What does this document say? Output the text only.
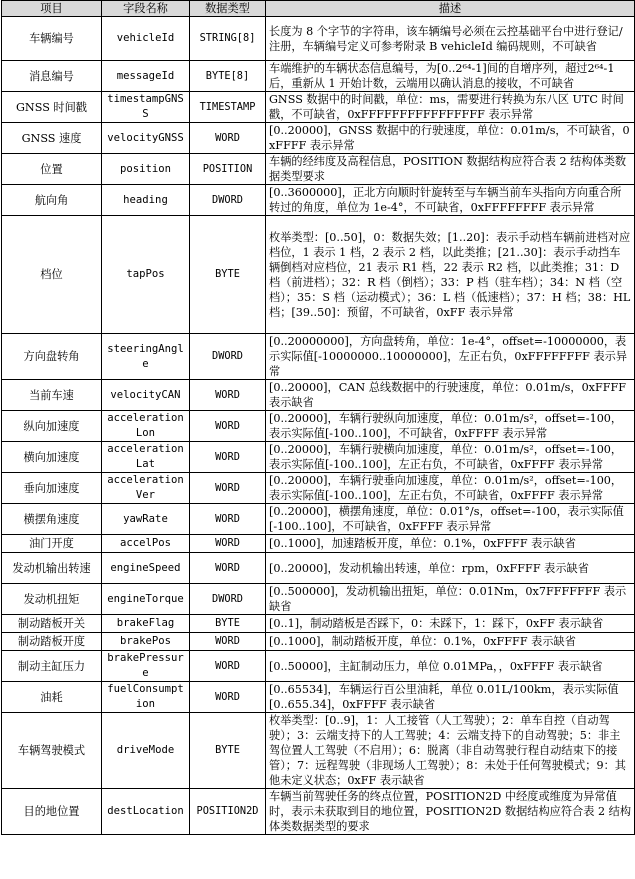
项目	字段名称	数据类型	描述
车辆编号	vehicleId	STRING[8]	长度为 8 个字节的字符串，该车辆编号必须在云控基础平台中进行登记/注册，车辆编号定义可参考附录 B vehicleId 编码规则，不可缺省
消息编号	messageId	BYTE[8]	车端维护的车辆状态信息编号，为[0..2⁶⁴-1]间的自增序列，超过2⁶⁴-1 后，重新从 1 开始计数，云端用以确认消息的接收，不可缺省
GNSS 时间戳	timestampGNSS	TIMESTAMP	GNSS 数据中的时间戳，单位：ms，需要进行转换为东八区 UTC 时间戳，不可缺省，0xFFFFFFFFFFFFFFFF 表示异常
GNSS 速度	velocityGNSS	WORD	[0..20000]，GNSS 数据中的行驶速度，单位：0.01m/s，不可缺省，0xFFFF 表示异常
位置	position	POSITION	车辆的经纬度及高程信息，POSITION 数据结构应符合表 2 结构体类数据类型要求
航向角	heading	DWORD	[0..3600000]，正北方向顺时针旋转至与车辆当前车头指向方向重合所转过的角度，单位为 1e-4°，不可缺省，0xFFFFFFFF 表示异常
档位	tapPos	BYTE	枚举类型：[0..50]，0：数据失效；[1..20]：表示手动档车辆前进档对应档位，1 表示 1 档，2 表示 2 档，以此类推；[21..30]：表示手动挡车辆倒档对应档位，21 表示 R1 档，22 表示 R2 档，以此类推；31：D 档（前进档）；32：R 档（倒档）；33：P 档（驻车档）；34：N 档（空档）；35：S 档（运动模式）；36：L 档（低速档）；37：H 档；38：HL 档；[39..50]：预留，不可缺省，0xFF 表示异常
方向盘转角	steeringAngle	DWORD	[0..20000000]，方向盘转角，单位：1e-4°，offset=-10000000，表示实际值[-10000000..10000000]，左正右负，0xFFFFFFFF 表示异常
当前车速	velocityCAN	WORD	[0..20000]，CAN 总线数据中的行驶速度，单位：0.01m/s，0xFFFF 表示缺省
纵向加速度	accelerationLon	WORD	[0..20000]，车辆行驶纵向加速度，单位：0.01m/s²，offset=-100，表示实际值[-100..100]，不可缺省，0xFFFF 表示异常
横向加速度	accelerationLat	WORD	[0..20000]，车辆行驶横向加速度，单位：0.01m/s²，offset=-100，表示实际值[-100..100]，左正右负，不可缺省，0xFFFF 表示异常
垂向加速度	accelerationVer	WORD	[0..20000]，车辆行驶垂向加速度，单位：0.01m/s²，offset=-100，表示实际值[-100..100]，左正右负，不可缺省，0xFFFF 表示异常
横摆角速度	yawRate	WORD	[0..20000]，横摆角速度，单位：0.01°/s，offset=-100，表示实际值[-100..100]，不可缺省，0xFFFF 表示异常
油门开度	accelPos	WORD	[0..1000]，加速踏板开度，单位：0.1%，0xFFFF 表示缺省
发动机输出转速	engineSpeed	WORD	[0..20000]，发动机输出转速，单位：rpm，0xFFFF 表示缺省
发动机扭矩	engineTorque	DWORD	[0..500000]，发动机输出扭矩，单位：0.01Nm，0x7FFFFFFF 表示缺省
制动踏板开关	brakeFlag	BYTE	[0..1]，制动踏板是否踩下，0：未踩下，1：踩下，0xFF 表示缺省
制动踏板开度	brakePos	WORD	[0..1000]，制动踏板开度，单位：0.1%，0xFFFF 表示缺省
制动主缸压力	brakePressure	WORD	[0..50000]，主缸制动压力，单位 0.01MPa，，0xFFFF 表示缺省
油耗	fuelConsumption	WORD	[0..65534]，车辆运行百公里油耗，单位 0.01L/100km，表示实际值[0..655.34]，0xFFFF 表示缺省
车辆驾驶模式	driveMode	BYTE	枚举类型：[0..9]，1：人工接管（人工驾驶）；2：单车自控（自动驾驶）；3：云端支持下的人工驾驶；4：云端支持下的自动驾驶；5：非主驾位置人工驾驶（不启用）；6：脱离（非自动驾驶行程自动结束下的接管）；7：远程驾驶（非现场人工驾驶）；8：未处于任何驾驶模式；9：其他未定义状态；0xFF 表示缺省
目的地位置	destLocation	POSITION2D	车辆当前驾驶任务的终点位置，POSITION2D 中经度或维度为异常值时，表示未获取到目的地位置，POSITION2D 数据结构应符合表 2 结构体类数据类型的要求
